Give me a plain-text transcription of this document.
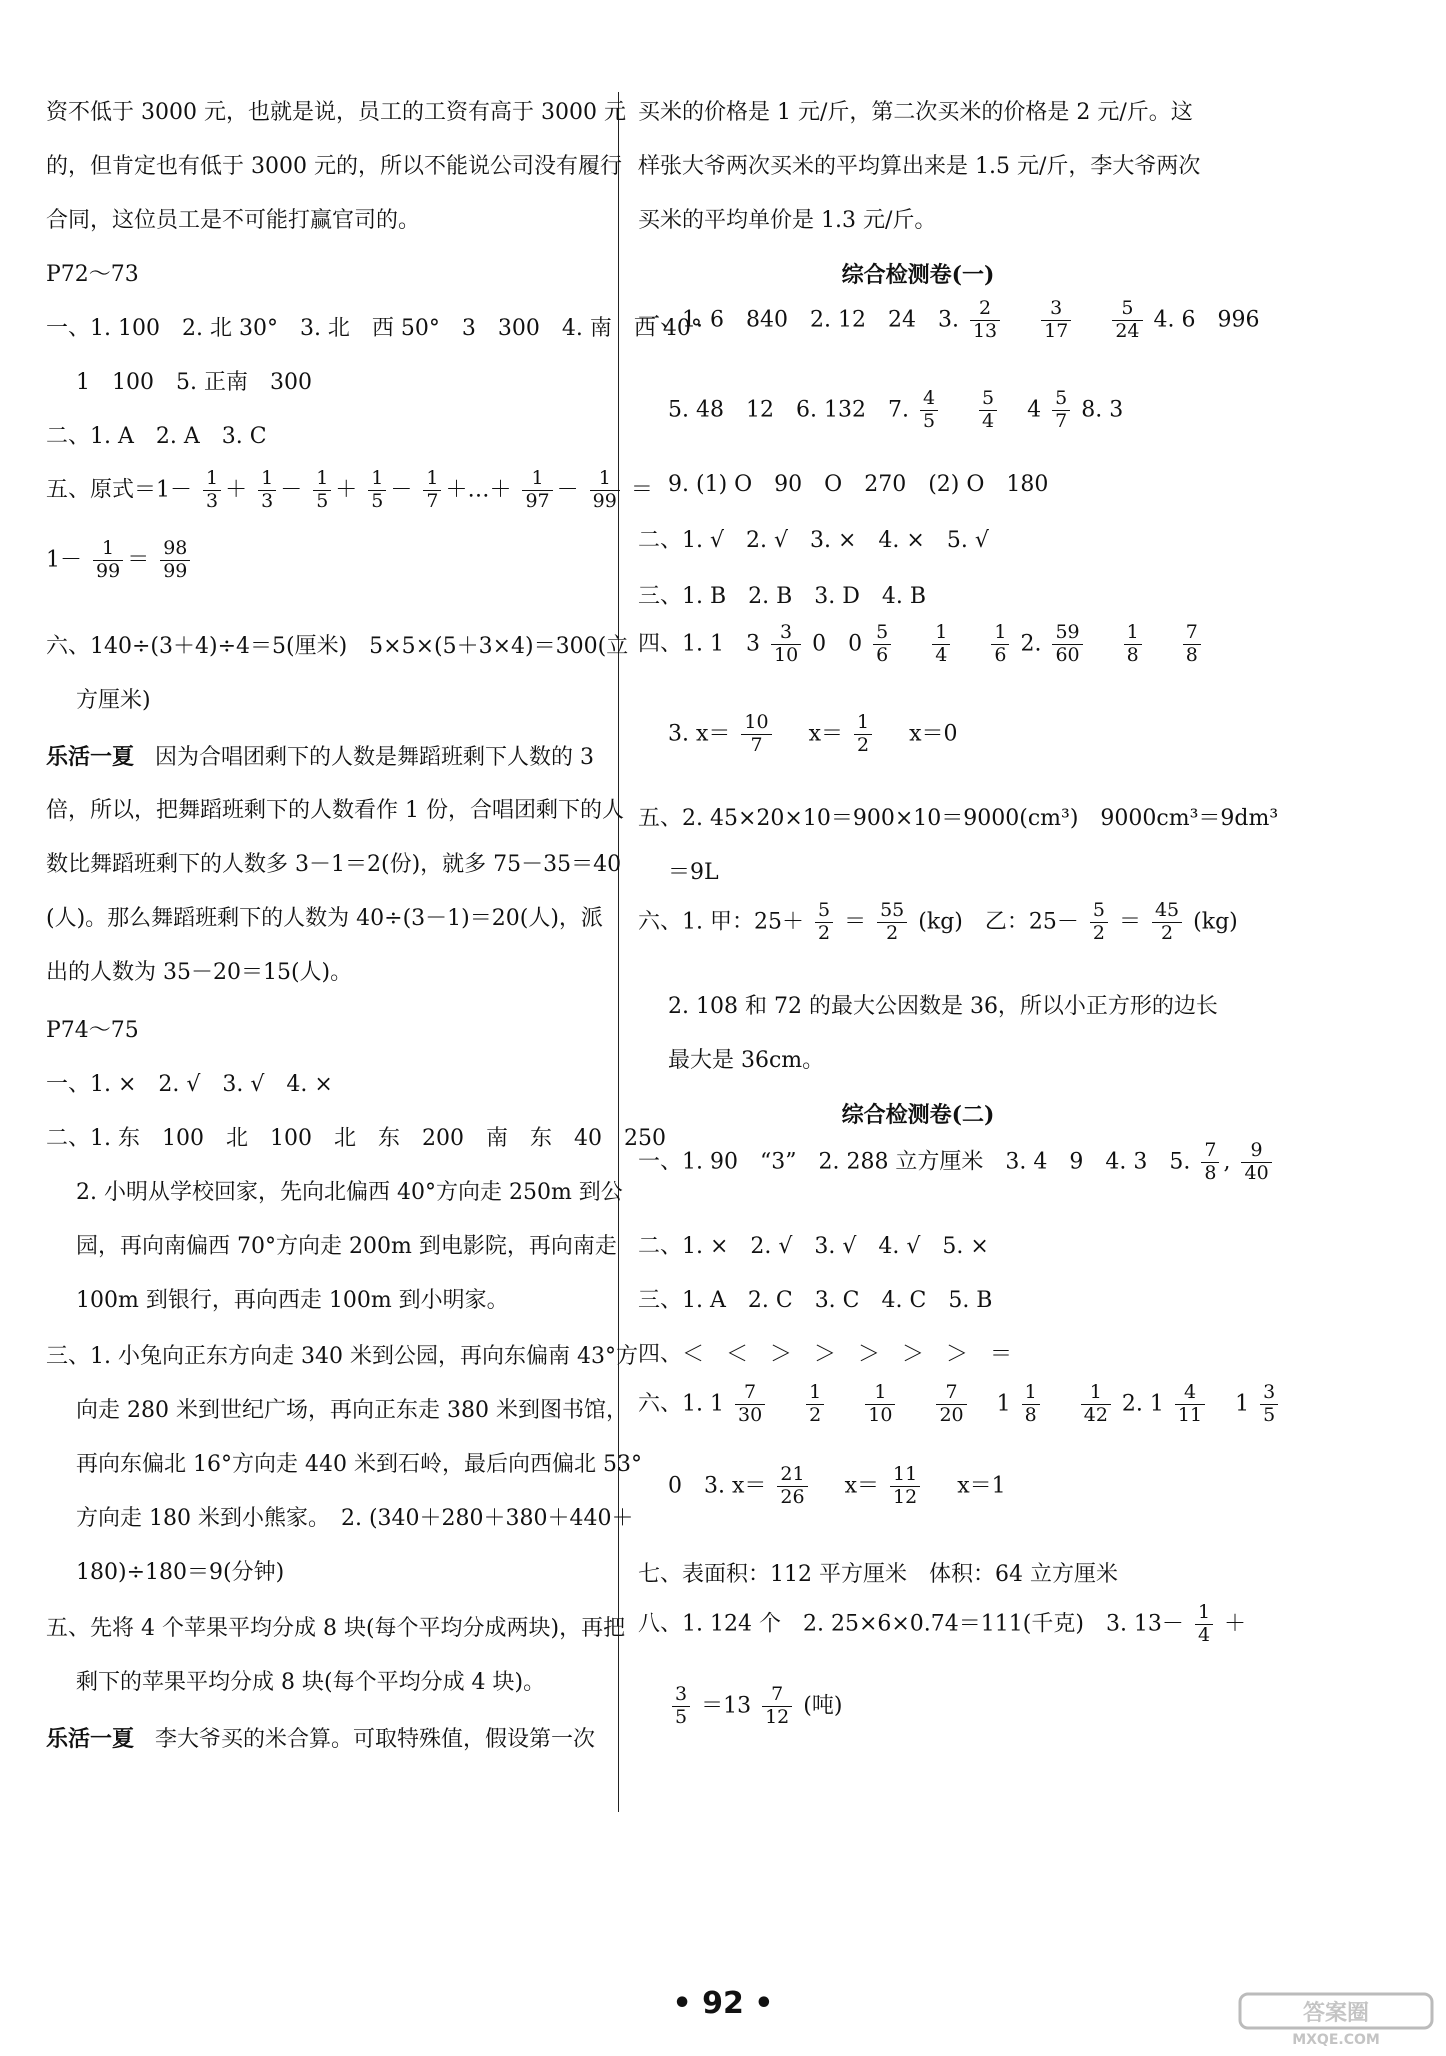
资不低于 3000 元，也就是说，员工的工资有高于 3000 元
的，但肯定也有低于 3000 元的，所以不能说公司没有履行
合同，这位员工是不可能打赢官司的。
P72～73
一、1. 100　2. 北 30°　3. 北　西 50°　3　300　4. 南　西 40°
1　100　5. 正南　300
二、1. A　2. A　3. C
五、原式$=1- \frac{1}{3} + \frac{1}{3} - \frac{1}{5} + \frac{1}{5} - \frac{1}{7}$ ＋…＋ $\frac{1}{97} - \frac{1}{99}$ ＝
$1- \frac{1}{99} = \frac{98}{99}$
六、140÷(3＋4)÷4＝5(厘米)　5×5×(5＋3×4)＝300(立
方厘米)
乐活一夏 因为合唱团剩下的人数是舞蹈班剩下人数的 3
倍，所以，把舞蹈班剩下的人数看作 1 份，合唱团剩下的人
数比舞蹈班剩下的人数多 3－1＝2(份)，就多 75－35＝40
(人)。那么舞蹈班剩下的人数为 40÷(3－1)＝20(人)，派
出的人数为 35－20＝15(人)。
P74～75
一、1. ×　2. √　3. √　4. ×
二、1. 东　100　北　100　北　东　200　南　东　40　250
2. 小明从学校回家，先向北偏西 40°方向走 250m 到公
园，再向南偏西 70°方向走 200m 到电影院，再向南走
100m 到银行，再向西走 100m 到小明家。
三、1. 小兔向正东方向走 340 米到公园，再向东偏南 43°方
向走 280 米到世纪广场，再向正东走 380 米到图书馆，
再向东偏北 16°方向走 440 米到石岭，最后向西偏北 53°
方向走 180 米到小熊家。　2. (340＋280＋380＋440＋
180)÷180＝9(分钟)
五、先将 4 个苹果平均分成 8 块(每个平均分成两块)，再把
剩下的苹果平均分成 8 块(每个平均分成 4 块)。
乐活一夏 李大爷买的米合算。可取特殊值，假设第一次
买米的价格是 1 元/斤，第二次买米的价格是 2 元/斤。这
样张大爷两次买米的平均算出来是 1.5 元/斤，李大爷两次
买米的平均单价是 1.3 元/斤。
综合检测卷(一)
一、1. 6　840　2. 12　24　3. $\frac{2}{13}$
$\frac{3}{17}$
$\frac{5}{24} 4$. 6　996
5. 48　12　6. 132　7. $\frac{4}{5}$
$\frac{5}{4} 4 \frac{5}{7} 8$. 3
9. (1) O　90　O　270　(2) O　180
二、1. √　2. √　3. ×　4. ×　5. √
三、1. B　2. B　3. D　4. B
四、1. 1　$3 \frac{3}{10} 0$　$0 \frac{5}{6}$
$\frac{1}{4}$
$\frac{1}{6} 2$. $\frac{59}{60}$
$\frac{1}{8}$
$\frac{7}{8}$
3. $x= \frac{10}{7} x= \frac{1}{2} x=0$
五、2. 45×20×10＝900×10＝9000(cm³)　9000cm³＝9dm³
＝9L
六、1. 甲：$25+ \frac{5}{2} = \frac{55}{2} (kg)$　乙：$25- \frac{5}{2} = \frac{45}{2} (kg)$
2. 108 和 72 的最大公因数是 36，所以小正方形的边长
最大是 36cm。
综合检测卷(二)
一、1. 90　“3”　2. 288 立方厘米　3. 4　9　4. 3　5. $\frac{7}{8}$ , $\frac{9}{40}$
二、1. ×　2. √　3. √　4. √　5. ×
三、1. A　2. C　3. C　4. C　5. B
四、＜　＜　＞　＞　＞　＞　＞　＝
六、1. $1 \frac{7}{30}$
$\frac{1}{2}$
$\frac{1}{10}$
$\frac{7}{20} 1 \frac{1}{8}$
$\frac{1}{42} 2$. $1 \frac{4}{11} 1 \frac{3}{5}$
0　3. $x= \frac{21}{26} x= \frac{11}{12} x=1$
七、表面积：112 平方厘米　体积：64 立方厘米
八、1. 124 个　2. 25×6×0.74＝111(千克)　3. $13- \frac{1}{4}$ ＋
$\frac{3}{5} =13 \frac{7}{12}$ (吨)
• 92 •	答案圈
MXQE.COM
